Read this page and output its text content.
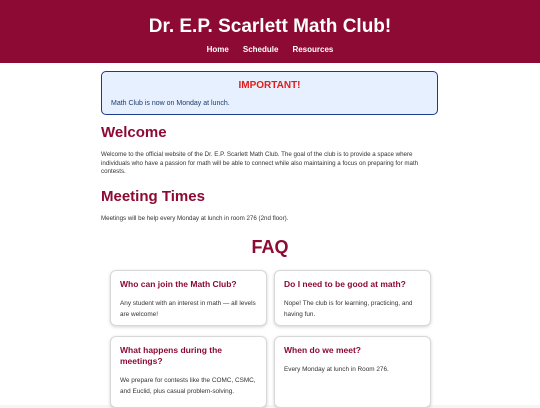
Dr. E.P. Scarlett Math Club!
Home Schedule Resources
IMPORTANT!
Math Club is now on Monday at lunch.
Welcome

Welcome to the official website of the Dr. E.P. Scarlett Math Club. The goal of the club is to provide a space where individuals who have a passion for math will be able to connect while also maintaining a focus on preparing for math contests.

Meeting Times

Meetings will be help every Monday at lunch in room 276 (2nd floor).

FAQ
Who can join the Math Club?

Any student with an interest in math — all levels are welcome!

Do I need to be good at math?

Nope! The club is for learning, practicing, and having fun.

What happens during the meetings?

We prepare for contests like the COMC, CSMC, and Euclid, plus casual problem-solving.

When do we meet?

Every Monday at lunch in Room 276.
